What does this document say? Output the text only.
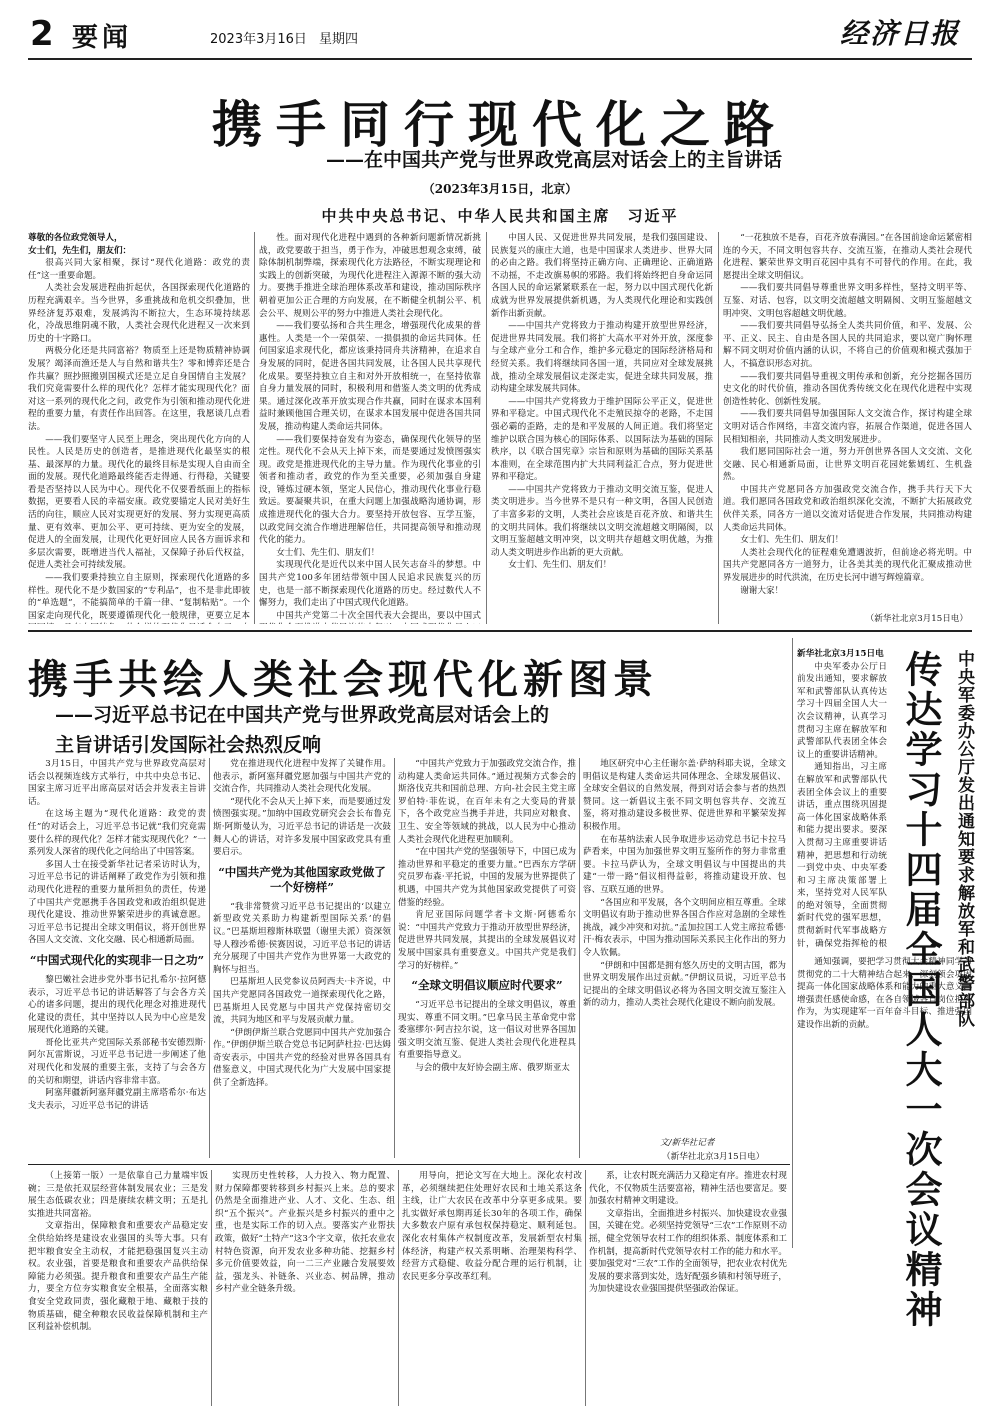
2 要闻	2023年3月16日 星期四	经济日报
携手同行现代化之路
——在中国共产党与世界政党高层对话会上的主旨讲话
（2023年3月15日，北京）
中共中央总书记、中华人民共和国主席　习近平

尊敬的各位政党领导人，

女士们，先生们，朋友们：

很高兴同大家相聚，探讨“现代化道路：政党的责任”这一重要命题。

人类社会发展进程曲折起伏，各国探索现代化道路的历程充满艰辛。当今世界，多重挑战和危机交织叠加，世界经济复苏艰难，发展鸿沟不断拉大，生态环境持续恶化，冷战思维阴魂不散，人类社会现代化进程又一次来到历史的十字路口。

两极分化还是共同富裕？物质至上还是物质精神协调发展？竭泽而渔还是人与自然和谐共生？零和博弈还是合作共赢？照抄照搬别国模式还是立足自身国情自主发展？我们究竟需要什么样的现代化？怎样才能实现现代化？面对这一系列的现代化之问，政党作为引领和推动现代化进程的重要力量，有责任作出回答。在这里，我愿谈几点看法。

——我们要坚守人民至上理念，突出现代化方向的人民性。人民是历史的创造者，是推进现代化最坚实的根基、最深厚的力量。现代化的最终目标是实现人自由而全面的发展。现代化道路最终能否走得通、行得稳，关键要看是否坚持以人民为中心。现代化不仅要看纸面上的指标数据，更要看人民的幸福安康。政党要锚定人民对美好生活的向往，顺应人民对实现更好的发展、努力实现更高质量、更有效率、更加公平、更可持续、更为安全的发展，促进人的全面发展，让现代化更好回应人民各方面诉求和多层次需要，既增进当代人福祉，又保障子孙后代权益，促进人类社会可持续发展。

——我们要秉持独立自主原则，探索现代化道路的多样性。现代化不是少数国家的“专利品”，也不是非此即彼的“单选题”，不能搞简单的千篇一律、“复制粘贴”。一个国家走向现代化，既要遵循现代化一般规律，更要立足本

性。面对现代化进程中遇到的各种新问题新情况新挑战，政党要敢于担当，勇于作为，冲破思想观念束缚，破除体制机制弊端，探索现代化方法路径，不断实现理论和实践上的创新突破，为现代化进程注入源源不断的强大动力。要携手推进全球治理体系改革和建设，推动国际秩序朝着更加公正合理的方向发展，在不断健全机制公平、机会公平、规则公平的努力中推进人类社会现代化。

——我们要弘扬和合共生理念，增强现代化成果的普惠性。人类是一个一荣俱荣、一损俱损的命运共同体。任何国家追求现代化，都应该秉持同舟共济精神，在追求自身发展的同时，促进各国共同发展，让各国人民共享现代化成果。要坚持独立自主和对外开放相统一，在坚持依靠自身力量发展的同时，积极利用和借鉴人类文明的优秀成果。通过深化改革开放实现合作共赢，同时在谋求本国利益时兼顾他国合理关切，在谋求本国发展中促进各国共同发展，推动构建人类命运共同体。

——我们要保持奋发有为姿态，确保现代化领导的坚定性。现代化不会从天上掉下来，而是要通过发愤图强实现。政党是推进现代化的主导力量。作为现代化事业的引领者和推动者，政党的作为至关重要，必须加强自身建设，锤炼过硬本领，坚定人民信心，推动现代化事业行稳致远。要凝聚共识，在重大问题上加强战略沟通协调，形成推进现代化的强大合力。要坚持开放包容、互学互鉴，以政党间交流合作增进理解信任，共同提高领导和推动现代化的能力。

女士们、先生们、朋友们！

实现现代化是近代以来中国人民矢志奋斗的梦想。中国共产党100多年团结带领中国人民追求民族复兴的历史，也是一部不断探索现代化道路的历史。经过数代人不懈努力，我们走出了中国式现代化道路。

中国共产党第二十次全国代表大会提出，要以中国式

中国人民、又促进世界共同发展，是我们强国建设、民族复兴的康庄大道，也是中国谋求人类进步、世界大同的必由之路。我们将坚持正确方向、正确理论、正确道路不动摇，不走改旗易帜的邪路。我们将始终把自身命运同各国人民的命运紧紧联系在一起，努力以中国式现代化新成就为世界发展提供新机遇，为人类现代化理论和实践创新作出新贡献。

——中国共产党将致力于推动构建开放型世界经济，促进世界共同发展。我们将扩大高水平对外开放，深度参与全球产业分工和合作，维护多元稳定的国际经济格局和经贸关系。我们将继续同各国一道，共同应对全球发展挑战，推动全球发展倡议走深走实，促进全球共同发展，推动构建全球发展共同体。

——中国共产党将致力于维护国际公平正义，促进世界和平稳定。中国式现代化不走殖民掠夺的老路，不走国强必霸的歪路，走的是和平发展的人间正道。我们将坚定维护以联合国为核心的国际体系、以国际法为基础的国际秩序，以《联合国宪章》宗旨和原则为基础的国际关系基本准则，在全球范围内扩大共同利益汇合点，努力促进世界和平稳定。

——中国共产党将致力于推动文明交流互鉴，促进人类文明进步。当今世界不是只有一种文明，各国人民创造了丰富多彩的文明，人类社会应该是百花齐放、和谐共生的文明共同体。我们将继续以文明交流超越文明隔阂，以文明互鉴超越文明冲突，以文明共存超越文明优越，为推动人类文明进步作出新的更大贡献。

女士们、先生们、朋友们！

“一花独放不是春，百花齐放春满园。”在各国前途命运紧密相连的今天，不同文明包容共存、交流互鉴，在推动人类社会现代化进程、繁荣世界文明百花园中具有不可替代的作用。在此，我愿提出全球文明倡议。

——我们要共同倡导尊重世界文明多样性，坚持文明平等、互鉴、对话、包容，以文明交流超越文明隔阂、文明互鉴超越文明冲突、文明包容超越文明优越。

——我们要共同倡导弘扬全人类共同价值，和平、发展、公平、正义、民主、自由是各国人民的共同追求，要以宽广胸怀理解不同文明对价值内涵的认识，不将自己的价值观和模式强加于人，不搞意识形态对抗。

——我们要共同倡导重视文明传承和创新，充分挖掘各国历史文化的时代价值，推动各国优秀传统文化在现代化进程中实现创造性转化、创新性发展。

——我们要共同倡导加强国际人文交流合作，探讨构建全球文明对话合作网络，丰富交流内容，拓展合作渠道，促进各国人民相知相亲，共同推动人类文明发展进步。

我们愿同国际社会一道，努力开创世界各国人文交流、文化交融、民心相通新局面，让世界文明百花园姹紫嫣红、生机盎然。

中国共产党愿同各方加强政党交流合作，携手共行天下大道。我们愿同各国政党和政治组织深化交流，不断扩大拓展政党伙伴关系，同各方一道以交流对话促进合作发展，共同推动构建人类命运共同体。

女士们、先生们、朋友们！

人类社会现代化的征程难免遭遇波折，但前途必将光明。中国共产党愿同各方一道努力，让各美其美的现代化汇聚成推动世界发展进步的时代洪流，在历史长河中谱写辉煌篇章。

谢谢大家！

（新华社北京3月15日电）
携手共绘人类社会现代化新图景
——习近平总书记在中国共产党与世界政党高层对话会上的
主旨讲话引发国际社会热烈反响

3月15日，中国共产党与世界政党高层对话会以视频连线方式举行，中共中央总书记、国家主席习近平出席高层对话会并发表主旨讲话。

在这场主题为“现代化道路：政党的责任”的对话会上，习近平总书记就“我们究竟需要什么样的现代化？怎样才能实现现代化？”一系列发人深省的现代化之问给出了中国答案。

多国人士在接受新华社记者采访时认为，习近平总书记的讲话阐释了政党作为引领和推动现代化进程的重要力量所担负的责任，传递了中国共产党愿携手各国政党和政治组织促进现代化建设、推动世界繁荣进步的真诚意愿。习近平总书记提出全球文明倡议，将开创世界各国人文交流、文化交融、民心相通新局面。

“中国式现代化的实现非一日之功”

黎巴嫩社会进步党外事书记扎希尔·拉阿德表示，习近平总书记的讲话解答了与会各方关心的诸多问题，提出的现代化理念对推进现代化建设的责任，其中坚持以人民为中心应是发展现代化道路的关键。

哥伦比亚共产党国际关系部秘书安德烈斯·阿尔瓦雷斯说，习近平总书记进一步阐述了他对现代化和发展的重要主张，支持了与会各方的关切和期望，讲话内容非常丰富。

阿塞拜疆新阿塞拜疆党副主席塔希尔·布达戈夫表示，习近平总书记的讲话

党在推进现代化进程中发挥了关键作用。他表示，新阿塞拜疆党愿加强与中国共产党的交流合作，共同推动人类社会现代化发展。

“现代化不会从天上掉下来，而是要通过发愤图强实现。”加纳中国政党研究会会长布鲁克斯·阿斯曼认为，习近平总书记的讲话是一次鼓舞人心的讲话，对许多发展中国家政党具有重要启示。

“中国共产党为其他国家政党做了一个好榜样”

“我非常赞赏习近平总书记提出的‘以建立新型政党关系助力构建新型国际关系’的倡议。”巴基斯坦穆斯林联盟（谢里夫派）资深领导人穆沙希德·侯赛因说，习近平总书记的讲话充分展现了中国共产党作为世界第一大政党的胸怀与担当。

巴基斯坦人民党参议员阿西夫·卡齐说，中国共产党愿同各国政党一道探索现代化之路，巴基斯坦人民党愿与中国共产党保持密切交流，共同为地区和平与发展贡献力量。

“伊朗伊斯兰联合党愿同中国共产党加强合作。”伊朗伊斯兰联合党总书记阿萨杜拉·巴达姆奇安表示，中国共产党的经验对世界各国具有借鉴意义，中国式现代化为广大发展中国家提供了全新选择。

“中国共产党致力于加强政党交流合作，推动构建人类命运共同体。”通过视频方式参会的斯洛伐克共和国前总理、方向-社会民主党主席罗伯特·菲佐说，在百年未有之大变局的背景下，各个政党应当携手并进，共同应对粮食、卫生、安全等领域的挑战，以人民为中心推动人类社会现代化进程更加顺利。

“在中国共产党的坚强领导下，中国已成为推动世界和平稳定的重要力量。”巴西东方学研究员罗布森·平托说，中国的发展为世界提供了机遇，中国共产党为其他国家政党提供了可资借鉴的经验。

肯尼亚国际问题学者卡文斯·阿德希尔说：“中国共产党致力于推动开放型世界经济，促进世界共同发展，其提出的全球发展倡议对发展中国家具有重要意义。中国共产党是我们学习的好榜样。”

“全球文明倡议顺应时代要求”

“习近平总书记提出的全球文明倡议，尊重现实、尊重不同文明。”巴拿马民主革命党中常委塞缪尔·阿吉拉尔说，这一倡议对世界各国加强文明交流互鉴、促进人类社会现代化进程具有重要指导意义。

与会的俄中友好协会副主席、俄罗斯亚太

地区研究中心主任谢尔盖·萨纳科耶夫说，全球文明倡议是构建人类命运共同体理念、全球发展倡议、全球安全倡议的自然发展，得到对话会参与者的热烈赞同。这一新倡议主张不同文明包容共存、交流互鉴，将对推动建设多极世界、促进世界和平繁荣发挥积极作用。

在布基纳法索人民争取进步运动党总书记卡拉马萨看来，中国为加强世界文明互鉴所作的努力非常重要。卡拉马萨认为，全球文明倡议与中国提出的共建“一带一路”倡议相得益彰，将推动建设开放、包容、互联互通的世界。

“各国应和平发展，各个文明间应相互尊重。全球文明倡议有助于推动世界各国合作应对急剧的全球性挑战，减少冲突和对抗。”孟加拉国工人党主席拉希德·汗·梅农表示，中国为推动国际关系民主化作出的努力令人钦佩。

“伊朗和中国都是拥有悠久历史的文明古国，都为世界文明发展作出过贡献。”伊朗议员说，习近平总书记提出的全球文明倡议必将为各国文明交流互鉴注入新的动力，推动人类社会现代化建设不断向前发展。

文/新华社记者
（新华社北京3月15日电）
中央军委办公厅发出通知要求解放军和武警部队
传达学习十四届全国人大一次会议精神

新华社北京3月15日电

中央军委办公厅日前发出通知，要求解放军和武警部队认真传达学习十四届全国人大一次会议精神，认真学习贯彻习主席在解放军和武警部队代表团全体会议上的重要讲话精神。

通知指出，习主席在解放军和武警部队代表团全体会议上的重要讲话，重点围绕巩固提高一体化国家战略体系和能力提出要求。要深入贯彻习主席重要讲话精神，把思想和行动统一到党中央、中央军委和习主席决策部署上来，坚持党对人民军队的绝对领导，全面贯彻新时代党的强军思想，贯彻新时代军事战略方针，确保党指挥枪的根

通知强调，要把学习贯彻大会精神同学习贯彻党的二十大精神结合起来，深刻领会巩固提高一体化国家战略体系和能力的重大意义，增强责任感使命感，在各自领域各自岗位担当作为，为实现建军一百年奋斗目标、推进强国建设作出新的贡献。

（上接第一版）一是依靠自己力量端牢饭碗；三是依托双层经营体制发展农业；三是发展生态低碳农业；四是赓续农耕文明；五是扎实推进共同富裕。

文章指出，保障粮食和重要农产品稳定安全供给始终是建设农业强国的头等大事。只有把牢粮食安全主动权，才能把稳强国复兴主动权。农业强，首要是粮食和重要农产品供给保障能力必须强。提升粮食和重要农产品生产能力，要全方位夯实粮食安全根基，全面落实粮食安全党政同责，强化藏粮于地、藏粮于技的物质基础，健全种粮农民收益保障机制和主产区利益补偿机制。

实现历史性转移，人力投入、物力配置、财力保障都要转移到乡村振兴上来。总的要求仍然是全面推进产业、人才、文化、生态、组织“五个振兴”。产业振兴是乡村振兴的重中之重，也是实际工作的切入点。要落实产业帮扶政策，做好“土特产”这3个字文章，依托农业农村特色资源，向开发农业多种功能、挖掘乡村多元价值要效益，向一二三产业融合发展要效益，强龙头、补链条、兴业态、树品牌，推动乡村产业全链条升级。

用导向，把论文写在大地上。深化农村改革，必须继续把住处理好农民和土地关系这条主线，让广大农民在改革中分享更多成果。要扎实做好承包期再延长30年的各项工作，确保大多数农户原有承包权保持稳定、顺利延包。深化农村集体产权制度改革，发展新型农村集体经济，构建产权关系明晰、治理架构科学、经营方式稳健、收益分配合理的运行机制，让农民更多分享改革红利。

系，让农村既充满活力又稳定有序。推进农村现代化，不仅物质生活要富裕，精神生活也要富足。要加强农村精神文明建设。

文章指出，全面推进乡村振兴、加快建设农业强国，关键在党。必须坚持党领导“三农”工作原则不动摇，健全党领导农村工作的组织体系、制度体系和工作机制，提高新时代党领导农村工作的能力和水平。要加强党对“三农”工作的全面领导，把农业农村优先发展的要求落到实处，选好配强乡镇和村领导班子，为加快建设农业强国提供坚强政治保证。
